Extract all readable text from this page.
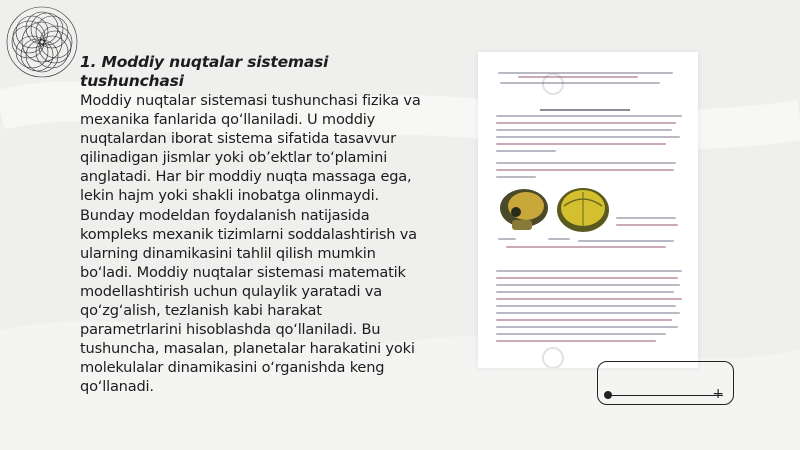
1. Moddiy nuqtalar sistemasi tushunchasi

Moddiy nuqtalar sistemasi tushunchasi fizika va mexanika fanlarida qo‘llaniladi. U moddiy nuqtalardan iborat sistema sifatida tasavvur qilinadigan jismlar yoki ob’ektlar to‘plamini anglatadi. Har bir moddiy nuqta massaga ega, lekin hajm yoki shakli inobatga olinmaydi. Bunday modeldan foydalanish natijasida kompleks mexanik tizimlarni soddalashtirish va ularning dinamikasini tahlil qilish mumkin bo‘ladi. Moddiy nuqtalar sistemasi matematik modellashtirish uchun qulaylik yaratadi va qo‘zg‘alish, tezlanish kabi harakat parametrlarini hisoblashda qo‘llaniladi. Bu tushuncha, masalan, planetalar harakatini yoki molekulalar dinamikasini o‘rganishda keng qo‘llanadi.	+
